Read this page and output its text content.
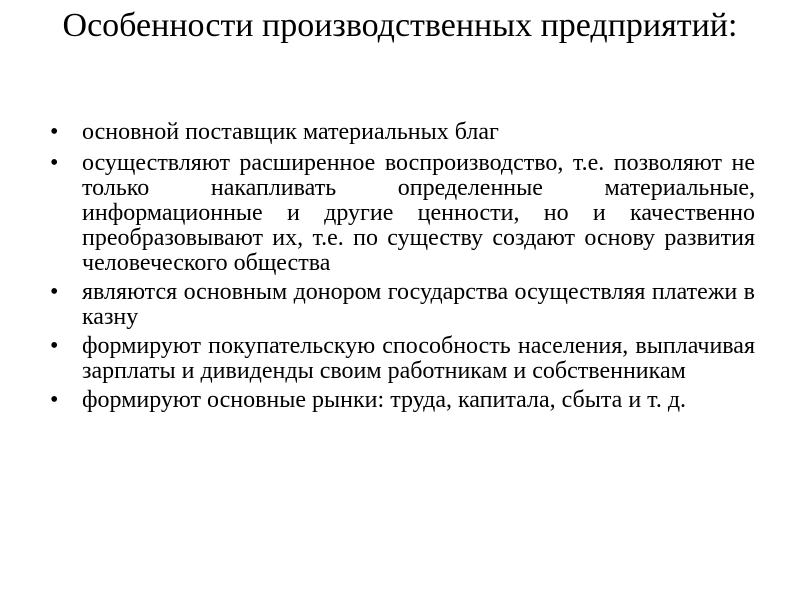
Особенности производственных предприятий:
• основной поставщик материальных благ
• осуществляют расширенное воспроизводство, т.е. позволяют не только накапливать определенные материальные, информационные и другие ценности, но и качественно преобразовывают их, т.е. по существу создают основу развития человеческого общества
• являются основным донором государства осуществляя платежи в казну
• формируют покупательскую способность населения, выплачивая зарплаты и дивиденды своим работникам и собственникам
• формируют основные рынки: труда, капитала, сбыта и т. д.
